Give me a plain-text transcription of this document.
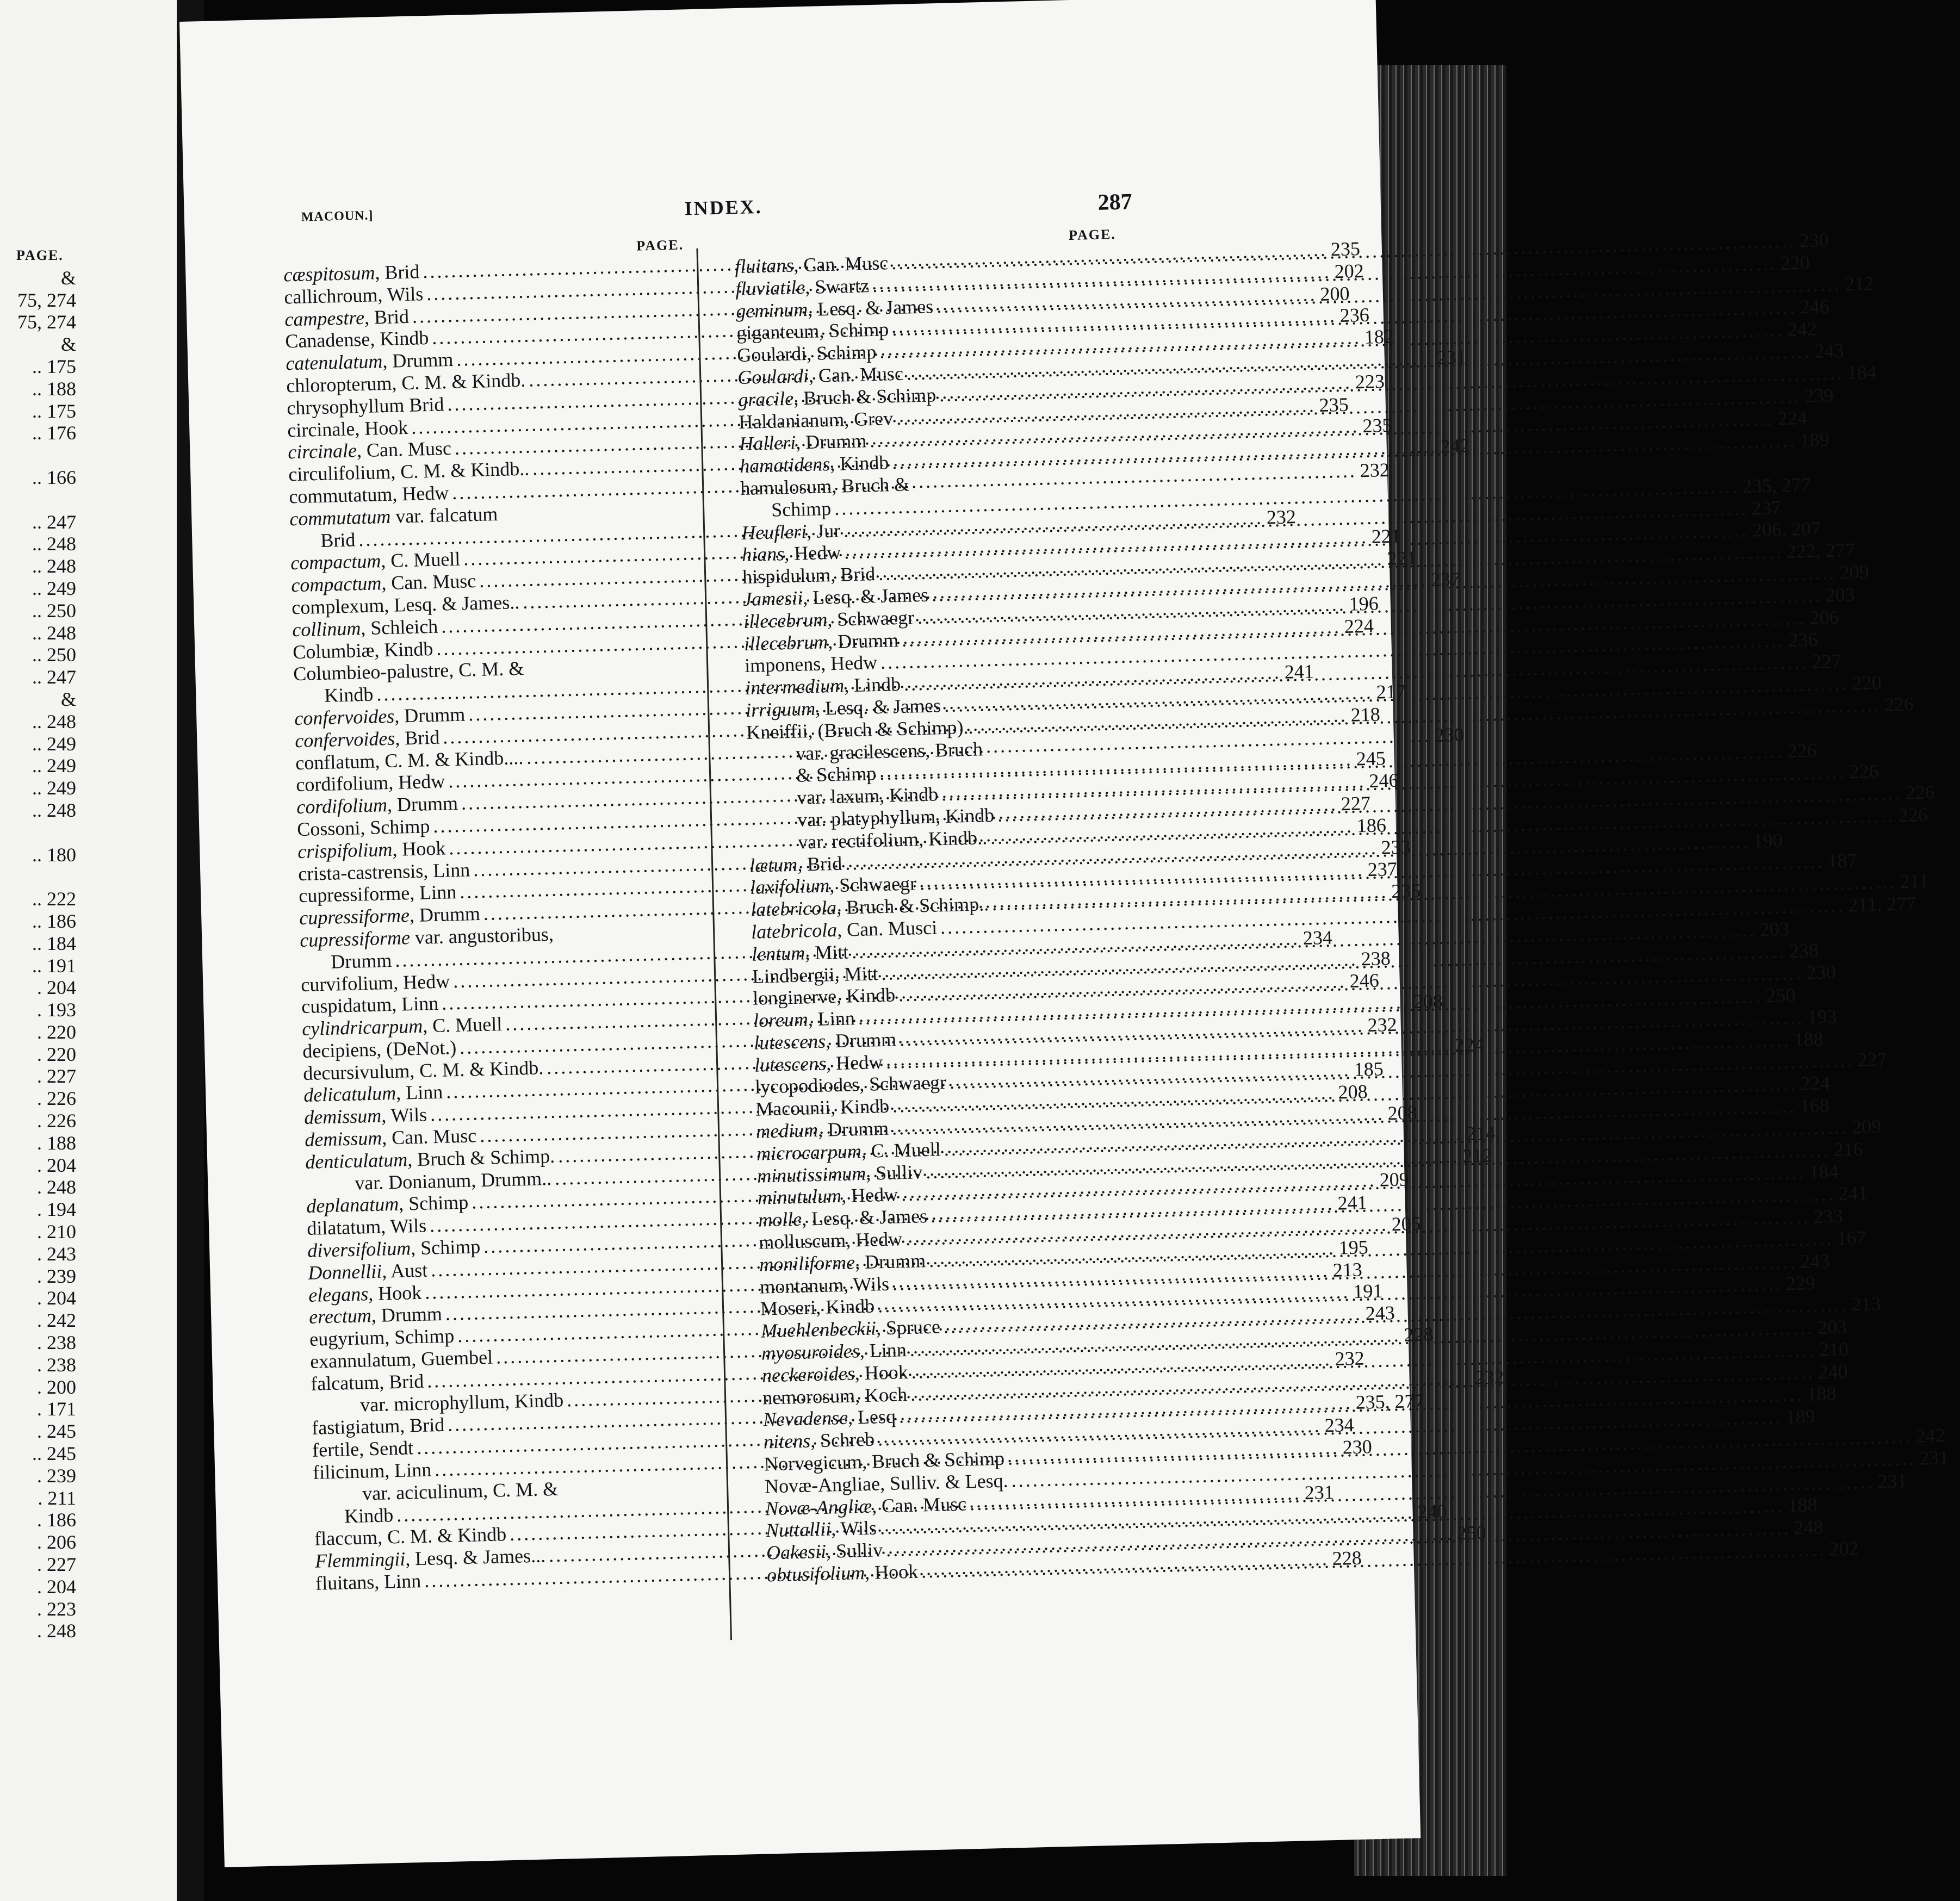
PAGE.
&
75, 274
75, 274
&
.. 175
.. 188
.. 175
.. 176
.. 166
.. 247
.. 248
.. 248
.. 249
.. 250
.. 248
.. 250
.. 247
&
.. 248
.. 249
.. 249
.. 249
.. 248
.. 180
.. 222
.. 186
.. 184
.. 191
. 204
. 193
. 220
. 220
. 227
. 226
. 226
. 188
. 204
. 248
. 194
. 210
. 243
. 239
. 204
. 242
. 238
. 238
. 200
. 171
. 245
.. 245
. 239
. 211
. 186
. 206
. 227
. 204
. 223
. 248
MACOUN.]	INDEX.	287
PAGE.
PAGE.
cæspitosum, Brid
.....
235
callichroum, Wils
.....
202
campestre, Brid
.....
200
Canadense, Kindb
.....
236
catenulatum, Drumm
.....
182
chloropterum, C. M. & Kindb.
.....
231
chrysophyllum Brid
.....
223
circinale, Hook
.....
235
circinale, Can. Musc
.....
235
circulifolium, C. M. & Kindb..
.....
242
commutatum, Hedw
.....
232
commutatum var. falcatum
Brid
.....
232
compactum, C. Muell
.....
221
compactum, Can. Musc
.....
221
complexum, Lesq. & James..
.....
237
collinum, Schleich
.....
196
Columbiæ, Kindb
.....
224
Columbieo-palustre, C. M. &
Kindb
.....
241
confervoides, Drumm
.....
217
confervoides, Brid
.....
218
conflatum, C. M. & Kindb....
.....
230
cordifolium, Hedw
.....
245
cordifolium, Drumm
.....
246
Cossoni, Schimp
.....
227
crispifolium, Hook
.....
186
crista-castrensis, Linn
.....
233
cupressiforme, Linn
.....
237
cupressiforme, Drumm
.....
235
cupressiforme var. angustoribus,
Drumm
.....
234
curvifolium, Hedw
.....
238
cuspidatum, Linn
.....
246
cylindricarpum, C. Muell
.....
208
decipiens, (DeNot.)
.....
232
decursivulum, C. M. & Kindb.
.....
224
delicatulum, Linn
.....
185
demissum, Wils
.....
208
demissum, Can. Musc
.....
208
denticulatum, Bruch & Schimp.
.....
214
var. Donianum, Drumm..
.....
212
deplanatum, Schimp
.....
209
dilatatum, Wils
.....
241
diversifolium, Schimp
.....
205
Donnellii, Aust
.....
195
elegans, Hook
.....
213
erectum, Drumm
.....
191
eugyrium, Schimp
.....
243
exannulatum, Guembel
.....
228
falcatum, Brid
.....
232
var. microphyllum, Kindb
.....
232
fastigiatum, Brid
.....
235, 277
fertile, Sendt
.....
234
filicinum, Linn
.....
230
var. aciculinum, C. M. &
Kindb
.....
231
flaccum, C. M. & Kindb
.....
240
Flemmingii, Lesq. & James...
.....
250
fluitans, Linn
.....
228
fluitans, Can. Musc
.....
230
fluviatile, Swartz
.....
220
geminum, Lesq. & James
.....
212
giganteum, Schimp
.....
246
Goulardi, Schimp
.....
242
Goulardi, Can. Musc
.....
243
gracile, Bruch & Schimp
.....
184
Haldanianum, Grev
.....
239
Halleri, Drumm
.....
224
hamatidens, Kindb
.....
189
hamulosum, Bruch &
Schimp
.....
235, 277
Heufleri, Jur
.....
237
hians, Hedw
.....
206, 207
hispidulum, Brid
.....
222, 277
Jamesii, Lesq. & James
.....
209
illecebrum, Schwaegr
.....
203
illecebrum, Drumm
.....
206
imponens, Hedw
.....
236
intermedium, Lindb
.....
227
irriguum, Lesq. & James
.....
220
Kneiffii, (Bruch & Schimp)..
.....
226
var. gracilescens, Bruch
& Schimp
.....
226
var. laxum, Kindb
.....
226
var. platyphyllum, Kindb
.....
226
var. rectifolium, Kindb..
.....
226
lætum, Brid
.....
190
laxifolium, Schwaegr
.....
187
latebricola, Bruch & Schimp..
.....
211
latebricola, Can. Musci
.....
211, 277
lentum, Mitt
.....
203
Lindbergii, Mitt
.....
238
longinerve, Kindb
.....
230
loreum, Linn
.....
250
lutescens, Drumm
.....
193
lutescens, Hedw
.....
188
lycopodiodes, Schwaegr
.....
227
Macounii, Kindb
.....
224
medium, Drumm
.....
168
microcarpum, C. Muell
.....
209
minutissimum, Sulliv
.....
216
minutulum, Hedw
.....
184
molle, Lesq. & James
.....
241
molluscum, Hedw
.....
233
moniliforme, Drumm
.....
167
montanum, Wils
.....
243
Moseri, Kindb
.....
229
Muehlenbeckii, Spruce
.....
213
myosuroides, Linn
.....
203
neckeroides, Hook
.....
210
nemorosum, Koch
.....
240
Nevadense, Lesq
.....
188
nitens, Schreb
.....
189
Norvegicum, Bruch & Schimp
.....
242
Novæ-Angliae, Sulliv. & Lesq.
.....
231
Novæ-Angliæ, Can. Musc
.....
231
Nuttallii, Wils
.....
188
Oakesii, Sulliv
.....
248
obtusifolium, Hook
.....
202
